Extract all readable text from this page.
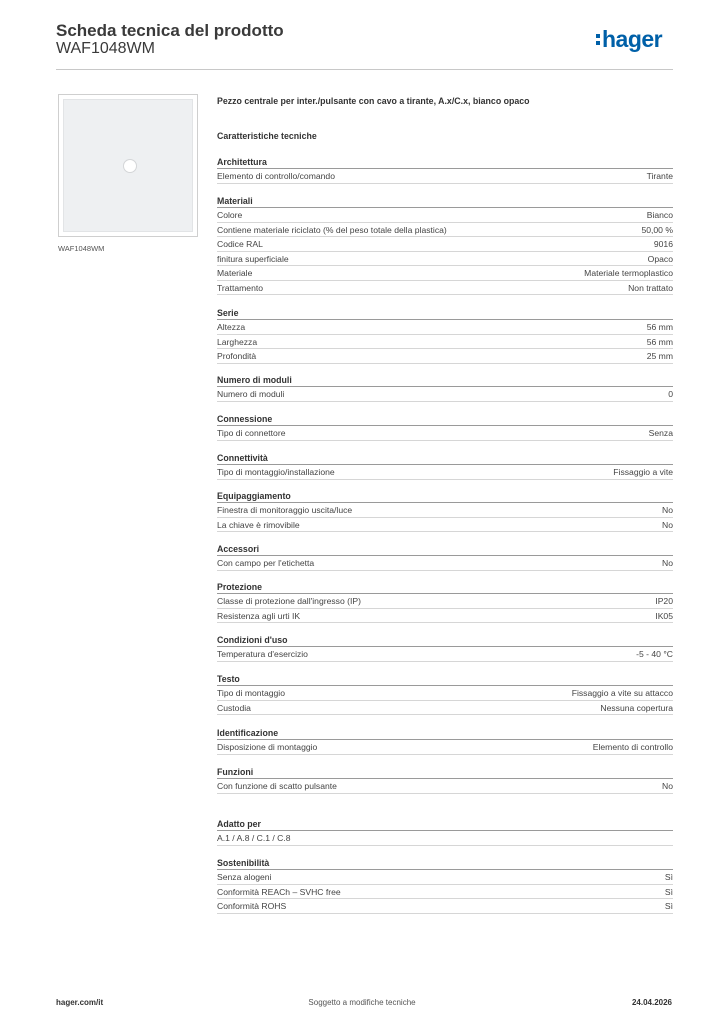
Scheda tecnica del prodotto
WAF1048WM	hager
WAF1048WM
Pezzo centrale per inter./pulsante con cavo a tirante, A.x/C.x, bianco opaco
Caratteristiche tecniche
Architettura
Elemento di controllo/comando	Tirante
Materiali
Colore	Bianco
Contiene materiale riciclato (% del peso totale della plastica)	50,00 %
Codice RAL	9016
finitura superficiale	Opaco
Materiale	Materiale termoplastico
Trattamento	Non trattato
Serie
Altezza	56 mm
Larghezza	56 mm
Profondità	25 mm
Numero di moduli
Numero di moduli	0
Connessione
Tipo di connettore	Senza
Connettività
Tipo di montaggio/installazione	Fissaggio a vite
Equipaggiamento
Finestra di monitoraggio uscita/luce	No
La chiave è rimovibile	No
Accessori
Con campo per l'etichetta	No
Protezione
Classe di protezione dall'ingresso (IP)	IP20
Resistenza agli urti IK	IK05
Condizioni d'uso
Temperatura d'esercizio	-5 - 40 °C
Testo
Tipo di montaggio	Fissaggio a vite su attacco
Custodia	Nessuna copertura
Identificazione
Disposizione di montaggio	Elemento di controllo
Funzioni
Con funzione di scatto pulsante	No
Adatto per
A.1 / A.8 / C.1 / C.8
Sostenibilità
Senza alogeni	Sì
Conformità REACh – SVHC free	Sì
Conformità ROHS	Sì
hager.com/it	Soggetto a modifiche tecniche	24.04.2026
